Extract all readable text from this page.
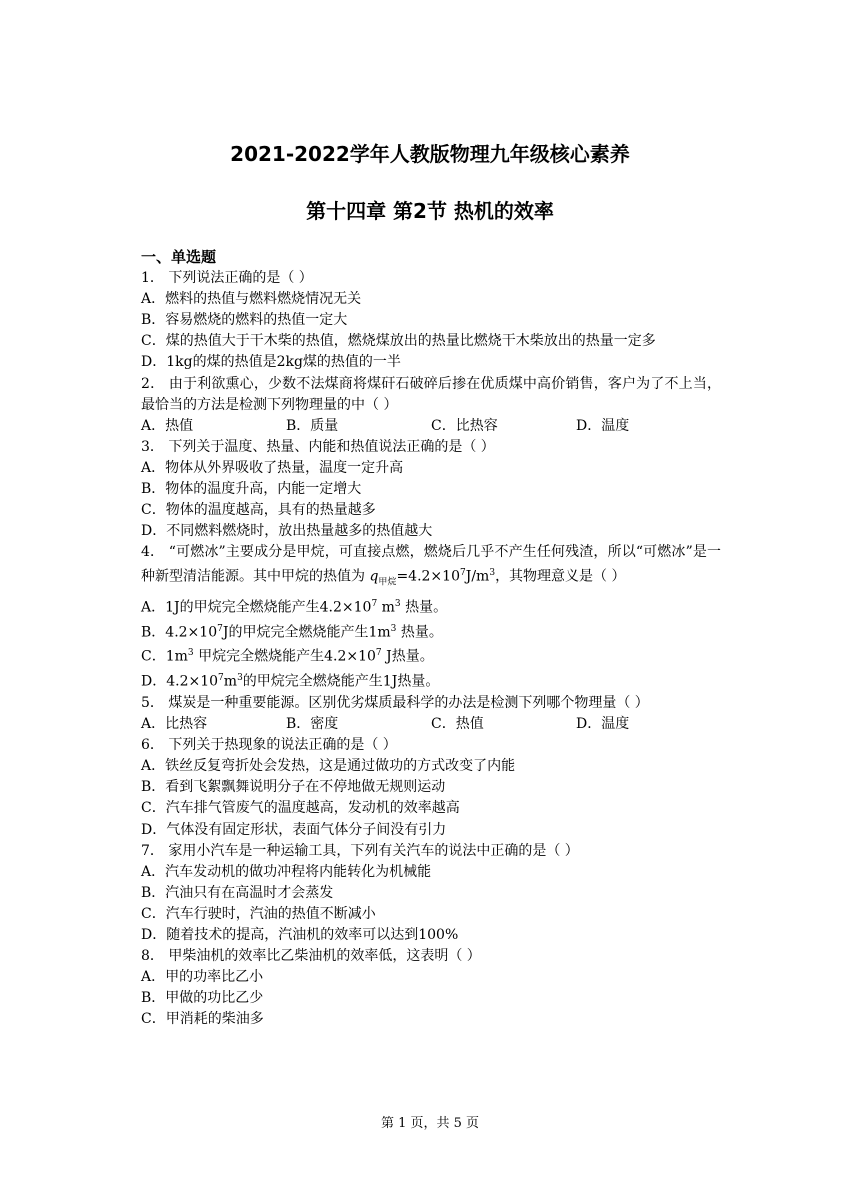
2021-2022学年人教版物理九年级核心素养
第十四章 第2节 热机的效率
一、单选题
1． 下列说法正确的是（ ）
A．燃料的热值与燃料燃烧情况无关
B．容易燃烧的燃料的热值一定大
C．煤的热值大于干木柴的热值，燃烧煤放出的热量比燃烧干木柴放出的热量一定多
D．1kg的煤的热值是2kg煤的热值的一半
2． 由于利欲熏心，少数不法煤商将煤矸石破碎后掺在优质煤中高价销售，客户为了不上当，最恰当的方法是检测下列物理量的中（ ）
A．热值	B．质量	C．比热容	D．温度
3． 下列关于温度、热量、内能和热值说法正确的是（ ）
A．物体从外界吸收了热量，温度一定升高
B．物体的温度升高，内能一定增大
C．物体的温度越高，具有的热量越多
D．不同燃料燃烧时，放出热量越多的热值越大
4． “可燃冰”主要成分是甲烷，可直接点燃，燃烧后几乎不产生任何残渣，所以“可燃冰”是一种新型清洁能源。其中甲烷的热值为 $q_{甲烷}=4.2\times 10^7J/m^3$，其物理意义是（ ）
A．1J的甲烷完全燃烧能产生$4.2\times 10^7$ $m^3$ 热量。
B．$4.2\times 10^7J$的甲烷完全燃烧能产生$1m^3$ 热量。
C．$1m^3$ 甲烷完全燃烧能产生$4.2\times 10^7$ J热量。
D．$4.2\times 10^7m^3$的甲烷完全燃烧能产生1J热量。
5． 煤炭是一种重要能源。区别优劣煤质最科学的办法是检测下列哪个物理量（ ）
A．比热容	B．密度	C．热值	D．温度
6． 下列关于热现象的说法正确的是（ ）
A．铁丝反复弯折处会发热，这是通过做功的方式改变了内能
B．看到飞絮飘舞说明分子在不停地做无规则运动
C．汽车排气管废气的温度越高，发动机的效率越高
D．气体没有固定形状，表面气体分子间没有引力
7． 家用小汽车是一种运输工具，下列有关汽车的说法中正确的是（ ）
A．汽车发动机的做功冲程将内能转化为机械能
B．汽油只有在高温时才会蒸发
C．汽车行驶时，汽油的热值不断减小
D．随着技术的提高，汽油机的效率可以达到100%
8． 甲柴油机的效率比乙柴油机的效率低，这表明（ ）
A．甲的功率比乙小
B．甲做的功比乙少
C．甲消耗的柴油多
第 1 页，共 5 页
